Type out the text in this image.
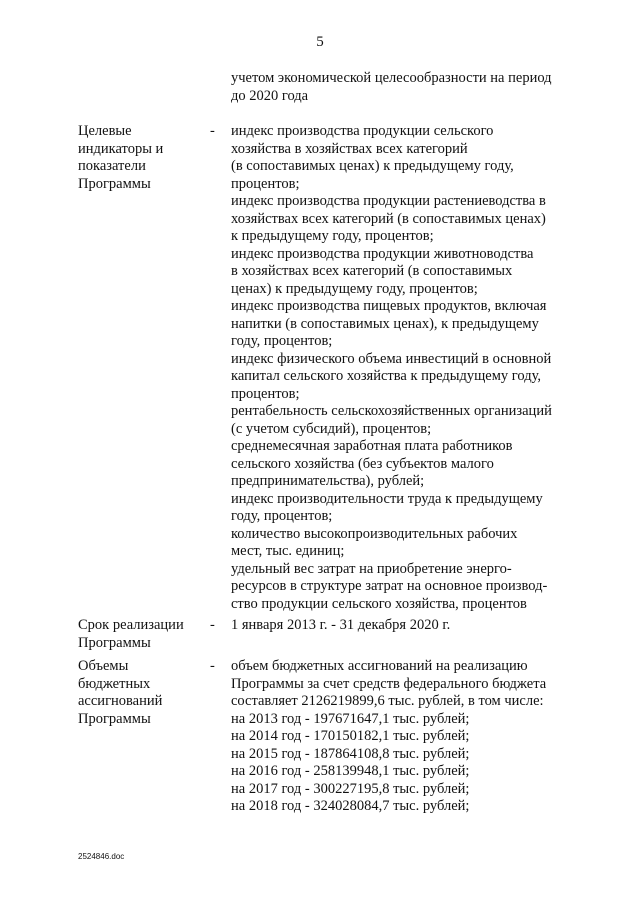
5
учетом экономической целесообразности на период
до 2020 года
Целевые
индикаторы и
показатели
Программы
-	индекс производства продукции сельского
хозяйства в хозяйствах всех категорий
(в сопоставимых ценах) к предыдущему году,
процентов;
индекс производства продукции растениеводства в
хозяйствах всех категорий (в сопоставимых ценах)
к предыдущему году, процентов;
индекс производства продукции животноводства
в хозяйствах всех категорий (в сопоставимых
ценах) к предыдущему году, процентов;
индекс производства пищевых продуктов, включая
напитки (в сопоставимых ценах), к предыдущему
году, процентов;
индекс физического объема инвестиций в основной
капитал сельского хозяйства к предыдущему году,
процентов;
рентабельность сельскохозяйственных организаций
(с учетом субсидий), процентов;
среднемесячная заработная плата работников
сельского хозяйства (без субъектов малого
предпринимательства), рублей;
индекс производительности труда к предыдущему
году, процентов;
количество высокопроизводительных рабочих
мест, тыс. единиц;
удельный вес затрат на приобретение энерго-
ресурсов в структуре затрат на основное производ-
ство продукции сельского хозяйства, процентов
Срок реализации
Программы
-	1 января 2013 г. - 31 декабря 2020 г.
Объемы
бюджетных
ассигнований
Программы
-	объем бюджетных ассигнований на реализацию
Программы за счет средств федерального бюджета
составляет 2126219899,6 тыс. рублей, в том числе:
на 2013 год - 197671647,1 тыс. рублей;
на 2014 год - 170150182,1 тыс. рублей;
на 2015 год - 187864108,8 тыс. рублей;
на 2016 год - 258139948,1 тыс. рублей;
на 2017 год - 300227195,8 тыс. рублей;
на 2018 год - 324028084,7 тыс. рублей;
2524846.doc
